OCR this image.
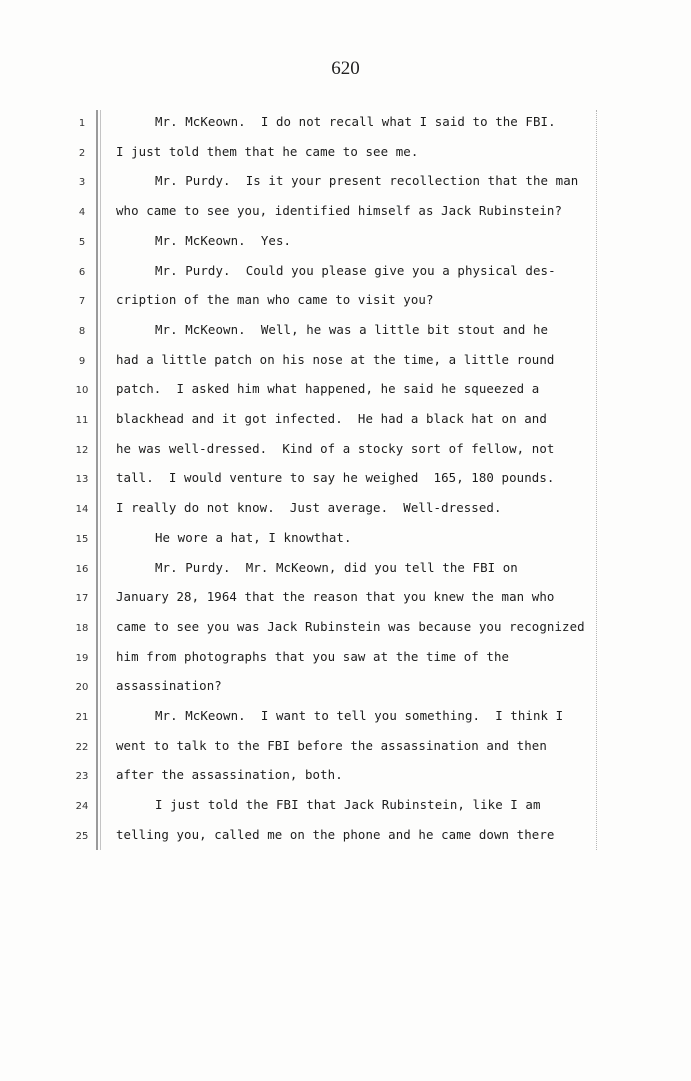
620
1	Mr. McKeown.  I do not recall what I said to the FBI.
2	I just told them that he came to see me.
3	Mr. Purdy.  Is it your present recollection that the man
4	who came to see you, identified himself as Jack Rubinstein?
5	Mr. McKeown.  Yes.
6	Mr. Purdy.  Could you please give you a physical des-
7	cription of the man who came to visit you?
8	Mr. McKeown.  Well, he was a little bit stout and he
9	had a little patch on his nose at the time, a little round
10	patch.  I asked him what happened, he said he squeezed a
11	blackhead and it got infected.  He had a black hat on and
12	he was well-dressed.  Kind of a stocky sort of fellow, not
13	tall.  I would venture to say he weighed  165, 180 pounds.
14	I really do not know.  Just average.  Well-dressed.
15	He wore a hat, I knowthat.
16	Mr. Purdy.  Mr. McKeown, did you tell the FBI on
17	January 28, 1964 that the reason that you knew the man who
18	came to see you was Jack Rubinstein was because you recognized
19	him from photographs that you saw at the time of the
20	assassination?
21	Mr. McKeown.  I want to tell you something.  I think I
22	went to talk to the FBI before the assassination and then
23	after the assassination, both.
24	I just told the FBI that Jack Rubinstein, like I am
25	telling you, called me on the phone and he came down there
